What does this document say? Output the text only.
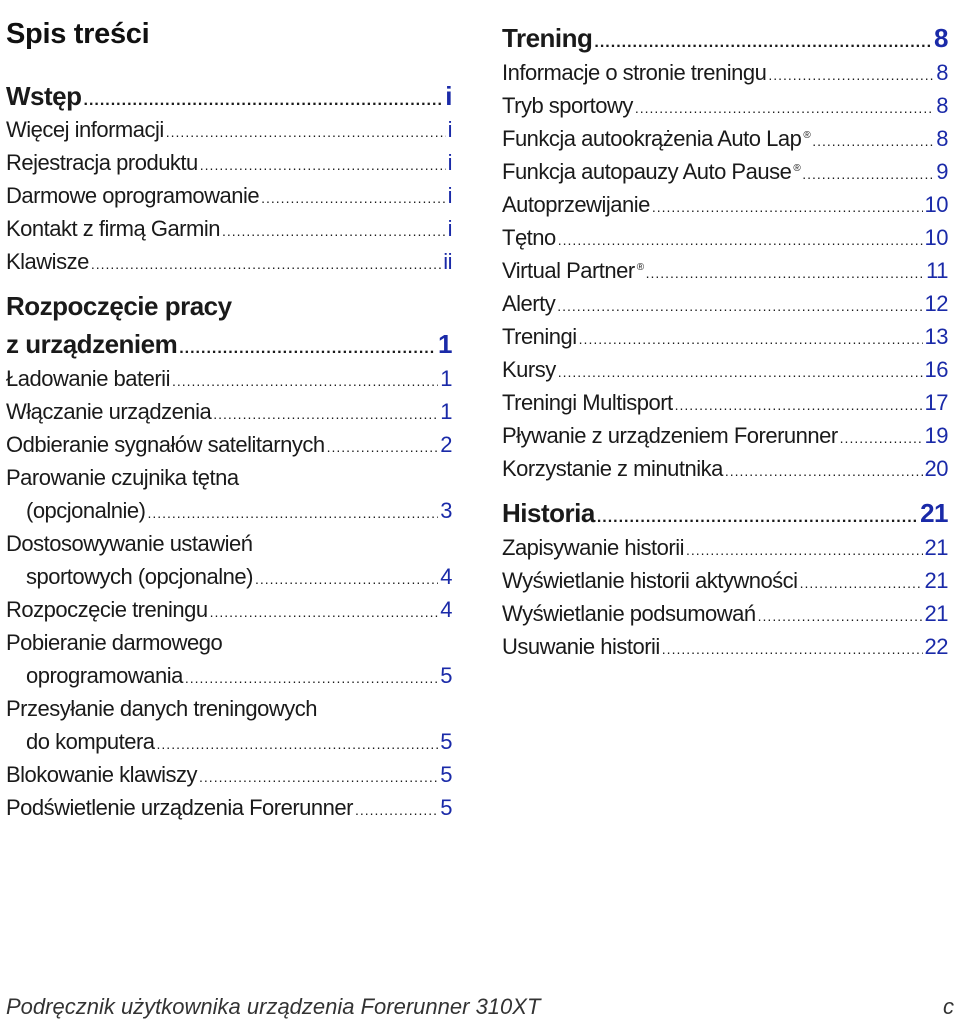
Spis treści
Wstęp .....	i
Więcej informacji .....	i
Rejestracja produktu .....	i
Darmowe oprogramowanie .....	i
Kontakt z firmą Garmin .....	i
Klawisze .....	ii
Rozpoczęcie pracy
z urządzeniem .....	1
Ładowanie baterii .....	1
Włączanie urządzenia .....	1
Odbieranie sygnałów satelitarnych .....	2
Parowanie czujnika tętna
(opcjonalnie) .....	3
Dostosowywanie ustawień
sportowych (opcjonalne) .....	4
Rozpoczęcie treningu .....	4
Pobieranie darmowego
oprogramowania .....	5
Przesyłanie danych treningowych
do komputera .....	5
Blokowanie klawiszy .....	5
Podświetlenie urządzenia Forerunner .....	5
Trening .....	8
Informacje o stronie treningu .....	8
Tryb sportowy .....	8
Funkcja autookrążenia Auto Lap ® .....	8
Funkcja autopauzy Auto Pause ® .....	9
Autoprzewijanie .....	10
Tętno .....	10
Virtual Partner ® .....	11
Alerty .....	12
Treningi .....	13
Kursy .....	16
Treningi Multisport .....	17
Pływanie z urządzeniem Forerunner .....	19
Korzystanie z minutnika .....	20
Historia .....	21
Zapisywanie historii .....	21
Wyświetlanie historii aktywności .....	21
Wyświetlanie podsumowań .....	21
Usuwanie historii .....	22
Podręcznik użytkownika urządzenia Forerunner 310XT	c
